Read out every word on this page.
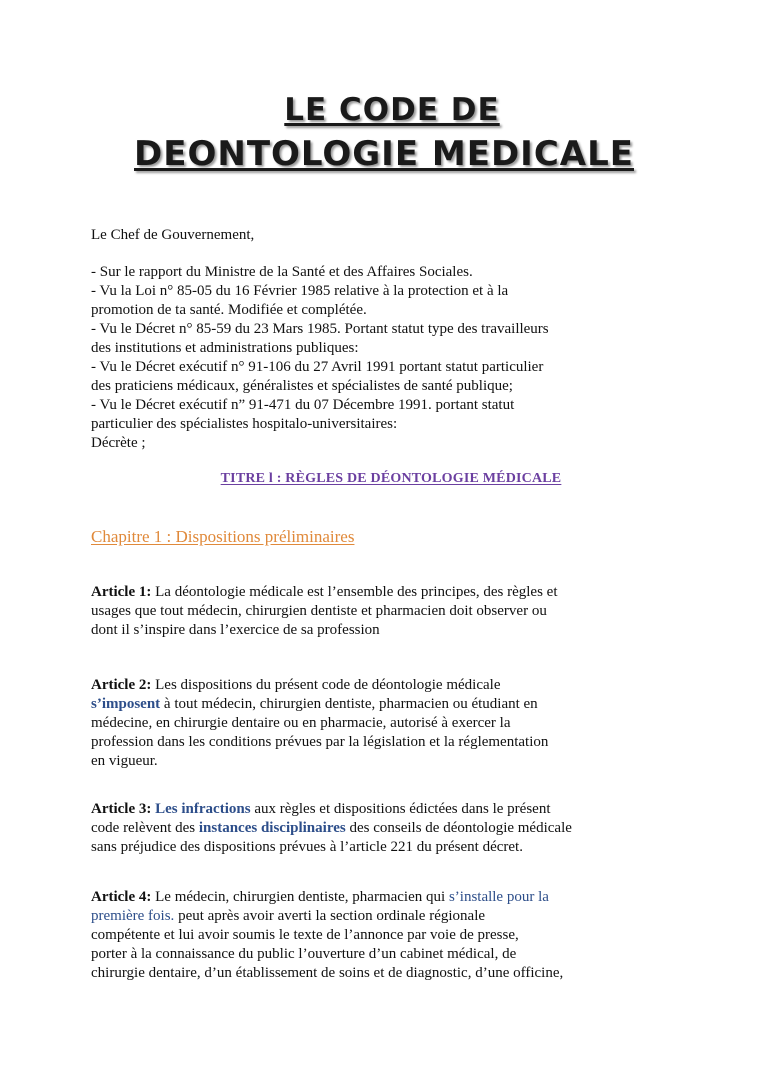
LE CODE DE
DEONTOLOGIE MEDICALE
Le Chef de Gouvernement,
- Sur le rapport du Ministre de la Santé et des Affaires Sociales.
- Vu la Loi n° 85-05 du 16 Février 1985 relative à la protection et à la
promotion de ta santé. Modifiée et complétée.
- Vu le Décret n° 85-59 du 23 Mars 1985. Portant statut type des travailleurs
des institutions et administrations publiques:
- Vu le Décret exécutif n° 91-106 du 27 Avril 1991 portant statut particulier
des praticiens médicaux, généralistes et spécialistes de santé publique;
- Vu le Décret exécutif n” 91-471 du 07 Décembre 1991. portant statut
particulier des spécialistes hospitalo-universitaires:
Décrète ;
TITRE l : RÈGLES DE DÉONTOLOGIE MÉDICALE
Chapitre 1 : Dispositions préliminaires
Article 1: La déontologie médicale est l’ensemble des principes, des règles et
usages que tout médecin, chirurgien dentiste et pharmacien doit observer ou
dont il s’inspire dans l’exercice de sa profession
Article 2: Les dispositions du présent code de déontologie médicale
s’imposent à tout médecin, chirurgien dentiste, pharmacien ou étudiant en
médecine, en chirurgie dentaire ou en pharmacie, autorisé à exercer la
profession dans les conditions prévues par la législation et la réglementation
en vigueur.
Article 3: Les infractions aux règles et dispositions édictées dans le présent
code relèvent des instances disciplinaires des conseils de déontologie médicale
sans préjudice des dispositions prévues à l’article 221 du présent décret.
Article 4: Le médecin, chirurgien dentiste, pharmacien qui s’installe pour la
première fois. peut après avoir averti la section ordinale régionale
compétente et lui avoir soumis le texte de l’annonce par voie de presse,
porter à la connaissance du public l’ouverture d’un cabinet médical, de
chirurgie dentaire, d’un établissement de soins et de diagnostic, d’une officine,
